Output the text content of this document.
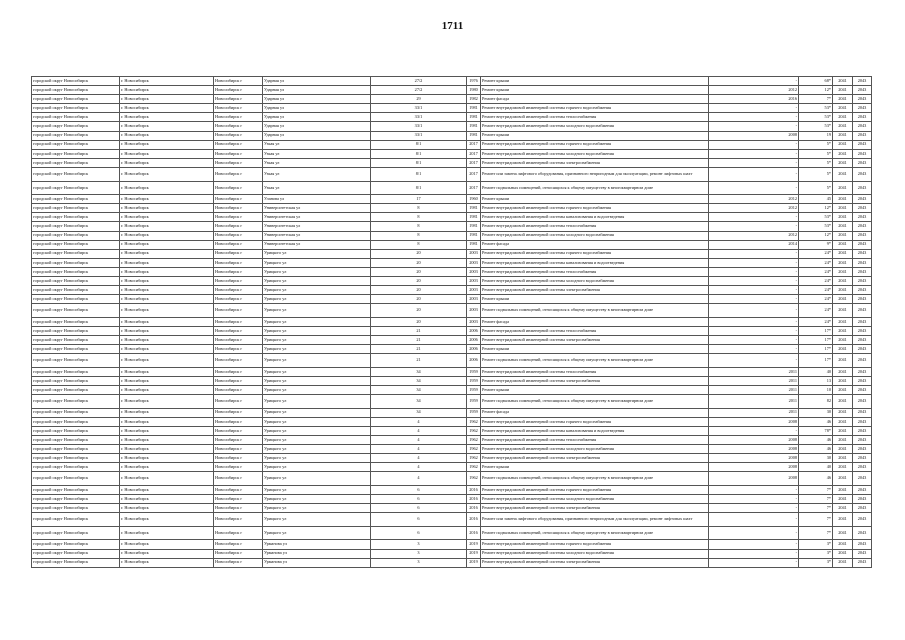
1711
городской округ Новосибирск	г. Новосибирск	Новосибирск г	Ударная ул	27/2	1976	Ремонт крыши	-	68*	2041	2043
городской округ Новосибирск	г. Новосибирск	Новосибирск г	Ударная ул	27/2	1980	Ремонт крыши	2012	12*	2041	2043
городской округ Новосибирск	г. Новосибирск	Новосибирск г	Ударная ул	29	1982	Ремонт фасада	2016	7*	2041	2043
городской округ Новосибирск	г. Новосибирск	Новосибирск г	Ударная ул	33/1	1981	Ремонт внутридомовой инженерной системы горячего водоснабжения	-	53*	2041	2043
городской округ Новосибирск	г. Новосибирск	Новосибирск г	Ударная ул	33/1	1981	Ремонт внутридомовой инженерной системы теплоснабжения	-	53*	2041	2043
городской округ Новосибирск	г. Новосибирск	Новосибирск г	Ударная ул	33/1	1981	Ремонт внутридомовой инженерной системы холодного водоснабжения	-	53*	2041	2043
городской округ Новосибирск	г. Новосибирск	Новосибирск г	Ударная ул	33/1	1981	Ремонт крыши	2008	19	2041	2043
городской округ Новосибирск	г. Новосибирск	Новосибирск г	Узкая ул	8/1	2017	Ремонт внутридомовой инженерной системы горячего водоснабжения	-	5*	2041	2043
городской округ Новосибирск	г. Новосибирск	Новосибирск г	Узкая ул	8/1	2017	Ремонт внутридомовой инженерной системы холодного водоснабжения	-	5*	2041	2043
городской округ Новосибирск	г. Новосибирск	Новосибирск г	Узкая ул	8/1	2017	Ремонт внутридомовой инженерной системы электроснабжения	-	5*	2041	2043
городской округ Новосибирск	г. Новосибирск	Новосибирск г	Узкая ул	8/1	2017	Ремонт или замена лифтового оборудования, признанного непригодным для эксплуатации, ремонт лифтовых шахт	-	5*	2041	2043
городской округ Новосибирск	г. Новосибирск	Новосибирск г	Узкая ул	8/1	2017	Ремонт подвальных помещений, относящихся к общему имуществу в многоквартирном доме	-	5*	2041	2043
городской округ Новосибирск	г. Новосибирск	Новосибирск г	Уланова ул	17	1960	Ремонт крыши	2012	45	2041	2043
городской округ Новосибирск	г. Новосибирск	Новосибирск г	Университетская ул	8	1981	Ремонт внутридомовой инженерной системы горячего водоснабжения	2012	12*	2041	2043
городской округ Новосибирск	г. Новосибирск	Новосибирск г	Университетская ул	8	1981	Ремонт внутридомовой инженерной системы канализования и водоотведения	-	53*	2041	2043
городской округ Новосибирск	г. Новосибирск	Новосибирск г	Университетская ул	8	1981	Ремонт внутридомовой инженерной системы теплоснабжения	-	53*	2041	2043
городской округ Новосибирск	г. Новосибирск	Новосибирск г	Университетская ул	8	1981	Ремонт внутридомовой инженерной системы холодного водоснабжения	2012	12*	2041	2043
городской округ Новосибирск	г. Новосибирск	Новосибирск г	Университетская ул	8	1981	Ремонт фасада	2014	9*	2041	2043
городской округ Новосибирск	г. Новосибирск	Новосибирск г	Урицкого ул	20	2003	Ремонт внутридомовой инженерной системы горячего водоснабжения	-	24*	2041	2043
городской округ Новосибирск	г. Новосибирск	Новосибирск г	Урицкого ул	20	2003	Ремонт внутридомовой инженерной системы канализования и водоотведения	-	24*	2041	2043
городской округ Новосибирск	г. Новосибирск	Новосибирск г	Урицкого ул	20	2003	Ремонт внутридомовой инженерной системы теплоснабжения	-	24*	2041	2043
городской округ Новосибирск	г. Новосибирск	Новосибирск г	Урицкого ул	20	2003	Ремонт внутридомовой инженерной системы холодного водоснабжения	-	24*	2041	2043
городской округ Новосибирск	г. Новосибирск	Новосибирск г	Урицкого ул	20	2003	Ремонт внутридомовой инженерной системы электроснабжения	-	24*	2041	2043
городской округ Новосибирск	г. Новосибирск	Новосибирск г	Урицкого ул	20	2003	Ремонт крыши	-	24*	2041	2043
городской округ Новосибирск	г. Новосибирск	Новосибирск г	Урицкого ул	20	2003	Ремонт подвальных помещений, относящихся к общему имуществу в многоквартирном доме	-	24*	2041	2043
городской округ Новосибирск	г. Новосибирск	Новосибирск г	Урицкого ул	20	2003	Ремонт фасада	-	24*	2041	2043
городской округ Новосибирск	г. Новосибирск	Новосибирск г	Урицкого ул	21	2006	Ремонт внутридомовой инженерной системы теплоснабжения	-	17*	2041	2043
городской округ Новосибирск	г. Новосибирск	Новосибирск г	Урицкого ул	21	2006	Ремонт внутридомовой инженерной системы электроснабжения	-	17*	2041	2043
городской округ Новосибирск	г. Новосибирск	Новосибирск г	Урицкого ул	21	2006	Ремонт крыши	-	17*	2041	2043
городской округ Новосибирск	г. Новосибирск	Новосибирск г	Урицкого ул	21	2006	Ремонт подвальных помещений, относящихся к общему имуществу в многоквартирном доме	-	17*	2041	2043
городской округ Новосибирск	г. Новосибирск	Новосибирск г	Урицкого ул	34	1959	Ремонт внутридомовой инженерной системы теплоснабжения	2011	40	2041	2043
городской округ Новосибирск	г. Новосибирск	Новосибирск г	Урицкого ул	34	1959	Ремонт внутридомовой инженерной системы электроснабжения	2011	13	2041	2043
городской округ Новосибирск	г. Новосибирск	Новосибирск г	Урицкого ул	34	1959	Ремонт крыши	2011	10	2041	2043
городской округ Новосибирск	г. Новосибирск	Новосибирск г	Урицкого ул	34	1959	Ремонт подвальных помещений, относящихся к общему имуществу в многоквартирном доме	2011	82	2041	2043
городской округ Новосибирск	г. Новосибирск	Новосибирск г	Урицкого ул	34	1959	Ремонт фасада	2011	30	2041	2043
городской округ Новосибирск	г. Новосибирск	Новосибирск г	Урицкого ул	4	1962	Ремонт внутридомовой инженерной системы горячего водоснабжения	2008	46	2041	2043
городской округ Новосибирск	г. Новосибирск	Новосибирск г	Урицкого ул	4	1962	Ремонт внутридомовой инженерной системы канализования и водоотведения	-	78*	2041	2043
городской округ Новосибирск	г. Новосибирск	Новосибирск г	Урицкого ул	4	1962	Ремонт внутридомовой инженерной системы теплоснабжения	2008	46	2041	2043
городской округ Новосибирск	г. Новосибирск	Новосибирск г	Урицкого ул	4	1962	Ремонт внутридомовой инженерной системы холодного водоснабжения	2008	46	2041	2043
городской округ Новосибирск	г. Новосибирск	Новосибирск г	Урицкого ул	4	1962	Ремонт внутридомовой инженерной системы электроснабжения	2008	30	2041	2043
городской округ Новосибирск	г. Новосибирск	Новосибирск г	Урицкого ул	4	1962	Ремонт крыши	2008	40	2041	2043
городской округ Новосибирск	г. Новосибирск	Новосибирск г	Урицкого ул	4	1962	Ремонт подвальных помещений, относящихся к общему имуществу в многоквартирном доме	2008	46	2041	2043
городской округ Новосибирск	г. Новосибирск	Новосибирск г	Урицкого ул	6	2016	Ремонт внутридомовой инженерной системы горячего водоснабжения	-	7*	2041	2043
городской округ Новосибирск	г. Новосибирск	Новосибирск г	Урицкого ул	6	2016	Ремонт внутридомовой инженерной системы холодного водоснабжения	-	7*	2041	2043
городской округ Новосибирск	г. Новосибирск	Новосибирск г	Урицкого ул	6	2016	Ремонт внутридомовой инженерной системы электроснабжения	-	7*	2041	2043
городской округ Новосибирск	г. Новосибирск	Новосибирск г	Урицкого ул	6	2016	Ремонт или замена лифтового оборудования, признанного непригодным для эксплуатации, ремонт лифтовых шахт	-	7*	2041	2043
городской округ Новосибирск	г. Новосибирск	Новосибирск г	Урицкого ул	6	2016	Ремонт подвальных помещений, относящихся к общему имуществу в многоквартирном доме	-	7*	2041	2043
городской округ Новосибирск	г. Новосибирск	Новосибирск г	Урманова ул	3	2019	Ремонт внутридомовой инженерной системы горячего водоснабжения	-	3*	2041	2043
городской округ Новосибирск	г. Новосибирск	Новосибирск г	Урманова ул	3	2019	Ремонт внутридомовой инженерной системы холодного водоснабжения	-	3*	2041	2043
городской округ Новосибирск	г. Новосибирск	Новосибирск г	Урманова ул	3	2019	Ремонт внутридомовой инженерной системы электроснабжения	-	3*	2041	2043
